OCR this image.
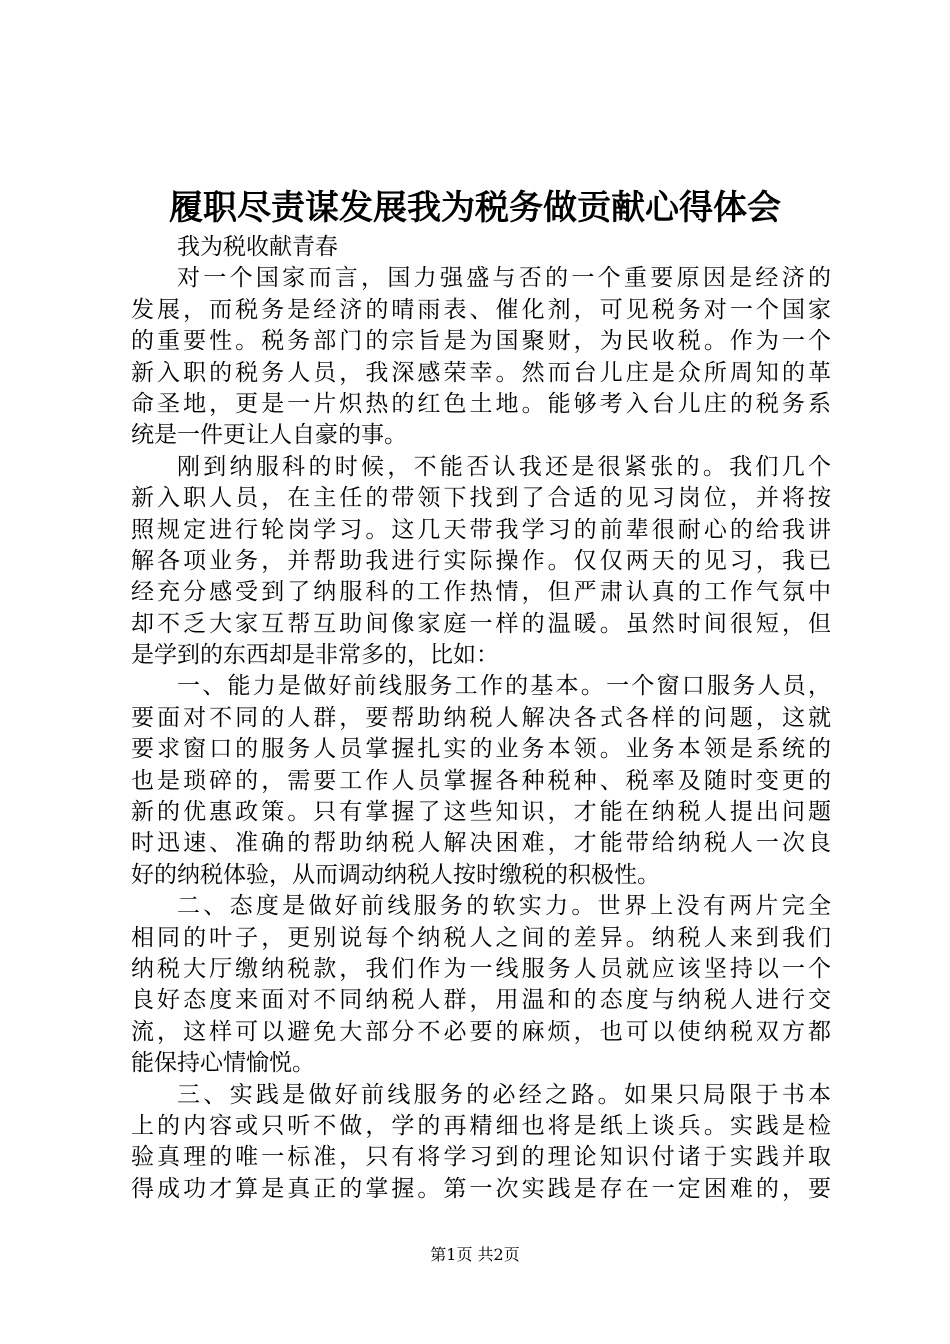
履职尽责谋发展我为税务做贡献心得体会
我为税收献青春
对一个国家而言，国力强盛与否的一个重要原因是经济的
发展，而税务是经济的晴雨表、催化剂，可见税务对一个国家
的重要性。税务部门的宗旨是为国聚财，为民收税。作为一个
新入职的税务人员，我深感荣幸。然而台儿庄是众所周知的革
命圣地，更是一片炽热的红色土地。能够考入台儿庄的税务系
统是一件更让人自豪的事。
刚到纳服科的时候，不能否认我还是很紧张的。我们几个
新入职人员，在主任的带领下找到了合适的见习岗位，并将按
照规定进行轮岗学习。这几天带我学习的前辈很耐心的给我讲
解各项业务，并帮助我进行实际操作。仅仅两天的见习，我已
经充分感受到了纳服科的工作热情，但严肃认真的工作气氛中
却不乏大家互帮互助间像家庭一样的温暖。虽然时间很短，但
是学到的东西却是非常多的，比如：
一、能力是做好前线服务工作的基本。一个窗口服务人员，
要面对不同的人群，要帮助纳税人解决各式各样的问题，这就
要求窗口的服务人员掌握扎实的业务本领。业务本领是系统的
也是琐碎的，需要工作人员掌握各种税种、税率及随时变更的
新的优惠政策。只有掌握了这些知识，才能在纳税人提出问题
时迅速、准确的帮助纳税人解决困难，才能带给纳税人一次良
好的纳税体验，从而调动纳税人按时缴税的积极性。
二、态度是做好前线服务的软实力。世界上没有两片完全
相同的叶子，更别说每个纳税人之间的差异。纳税人来到我们
纳税大厅缴纳税款，我们作为一线服务人员就应该坚持以一个
良好态度来面对不同纳税人群，用温和的态度与纳税人进行交
流，这样可以避免大部分不必要的麻烦，也可以使纳税双方都
能保持心情愉悦。
三、实践是做好前线服务的必经之路。如果只局限于书本
上的内容或只听不做，学的再精细也将是纸上谈兵。实践是检
验真理的唯一标准，只有将学习到的理论知识付诸于实践并取
得成功才算是真正的掌握。第一次实践是存在一定困难的，要
第1页 共2页
